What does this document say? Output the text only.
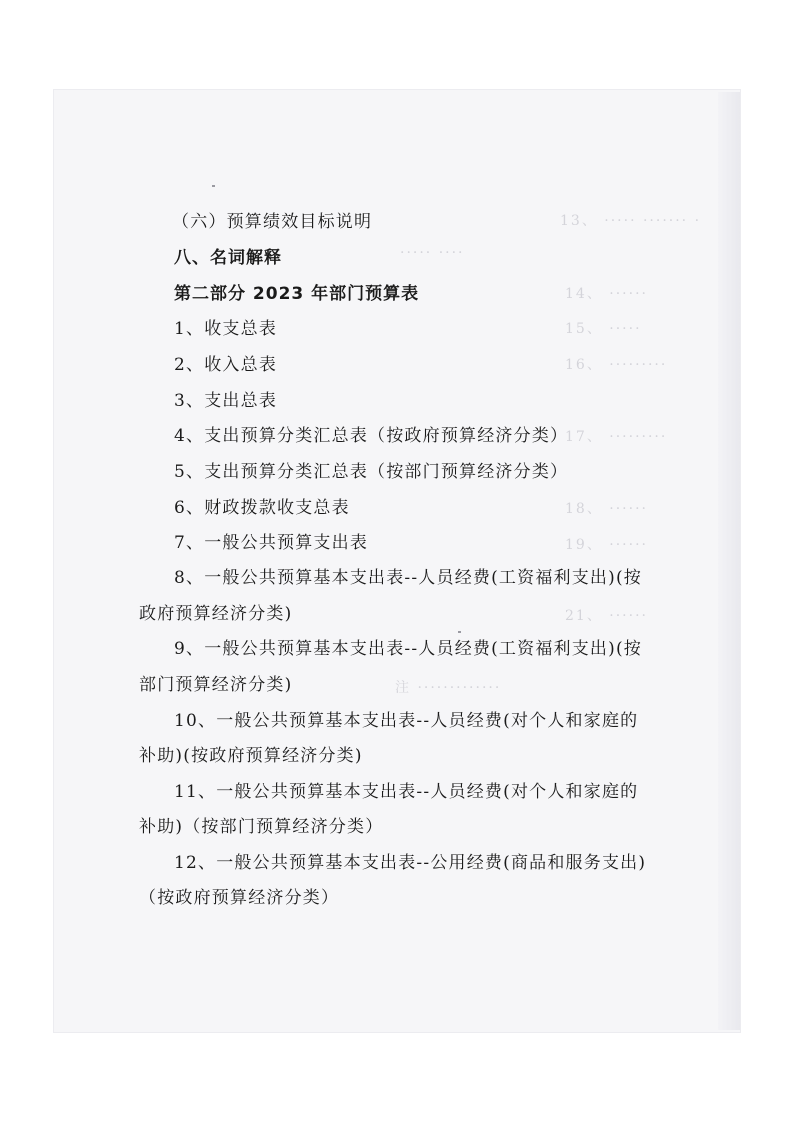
13、 ····· ······· ·
····· ····
14、 ······
15、 ·····
16、 ·········
17、 ·········
18、 ······
19、 ······
21、 ······
注 ·············
（六）预算绩效目标说明
八、名词解释
第二部分 2023 年部门预算表
1、收支总表
2、收入总表
3、支出总表
4、支出预算分类汇总表（按政府预算经济分类）
5、支出预算分类汇总表（按部门预算经济分类）
6、财政拨款收支总表
7、一般公共预算支出表
8、一般公共预算基本支出表--人员经费(工资福利支出)(按
政府预算经济分类)
9、一般公共预算基本支出表--人员经费(工资福利支出)(按
部门预算经济分类)
10、一般公共预算基本支出表--人员经费(对个人和家庭的
补助)(按政府预算经济分类)
11、一般公共预算基本支出表--人员经费(对个人和家庭的
补助)（按部门预算经济分类）
12、一般公共预算基本支出表--公用经费(商品和服务支出)
（按政府预算经济分类）
